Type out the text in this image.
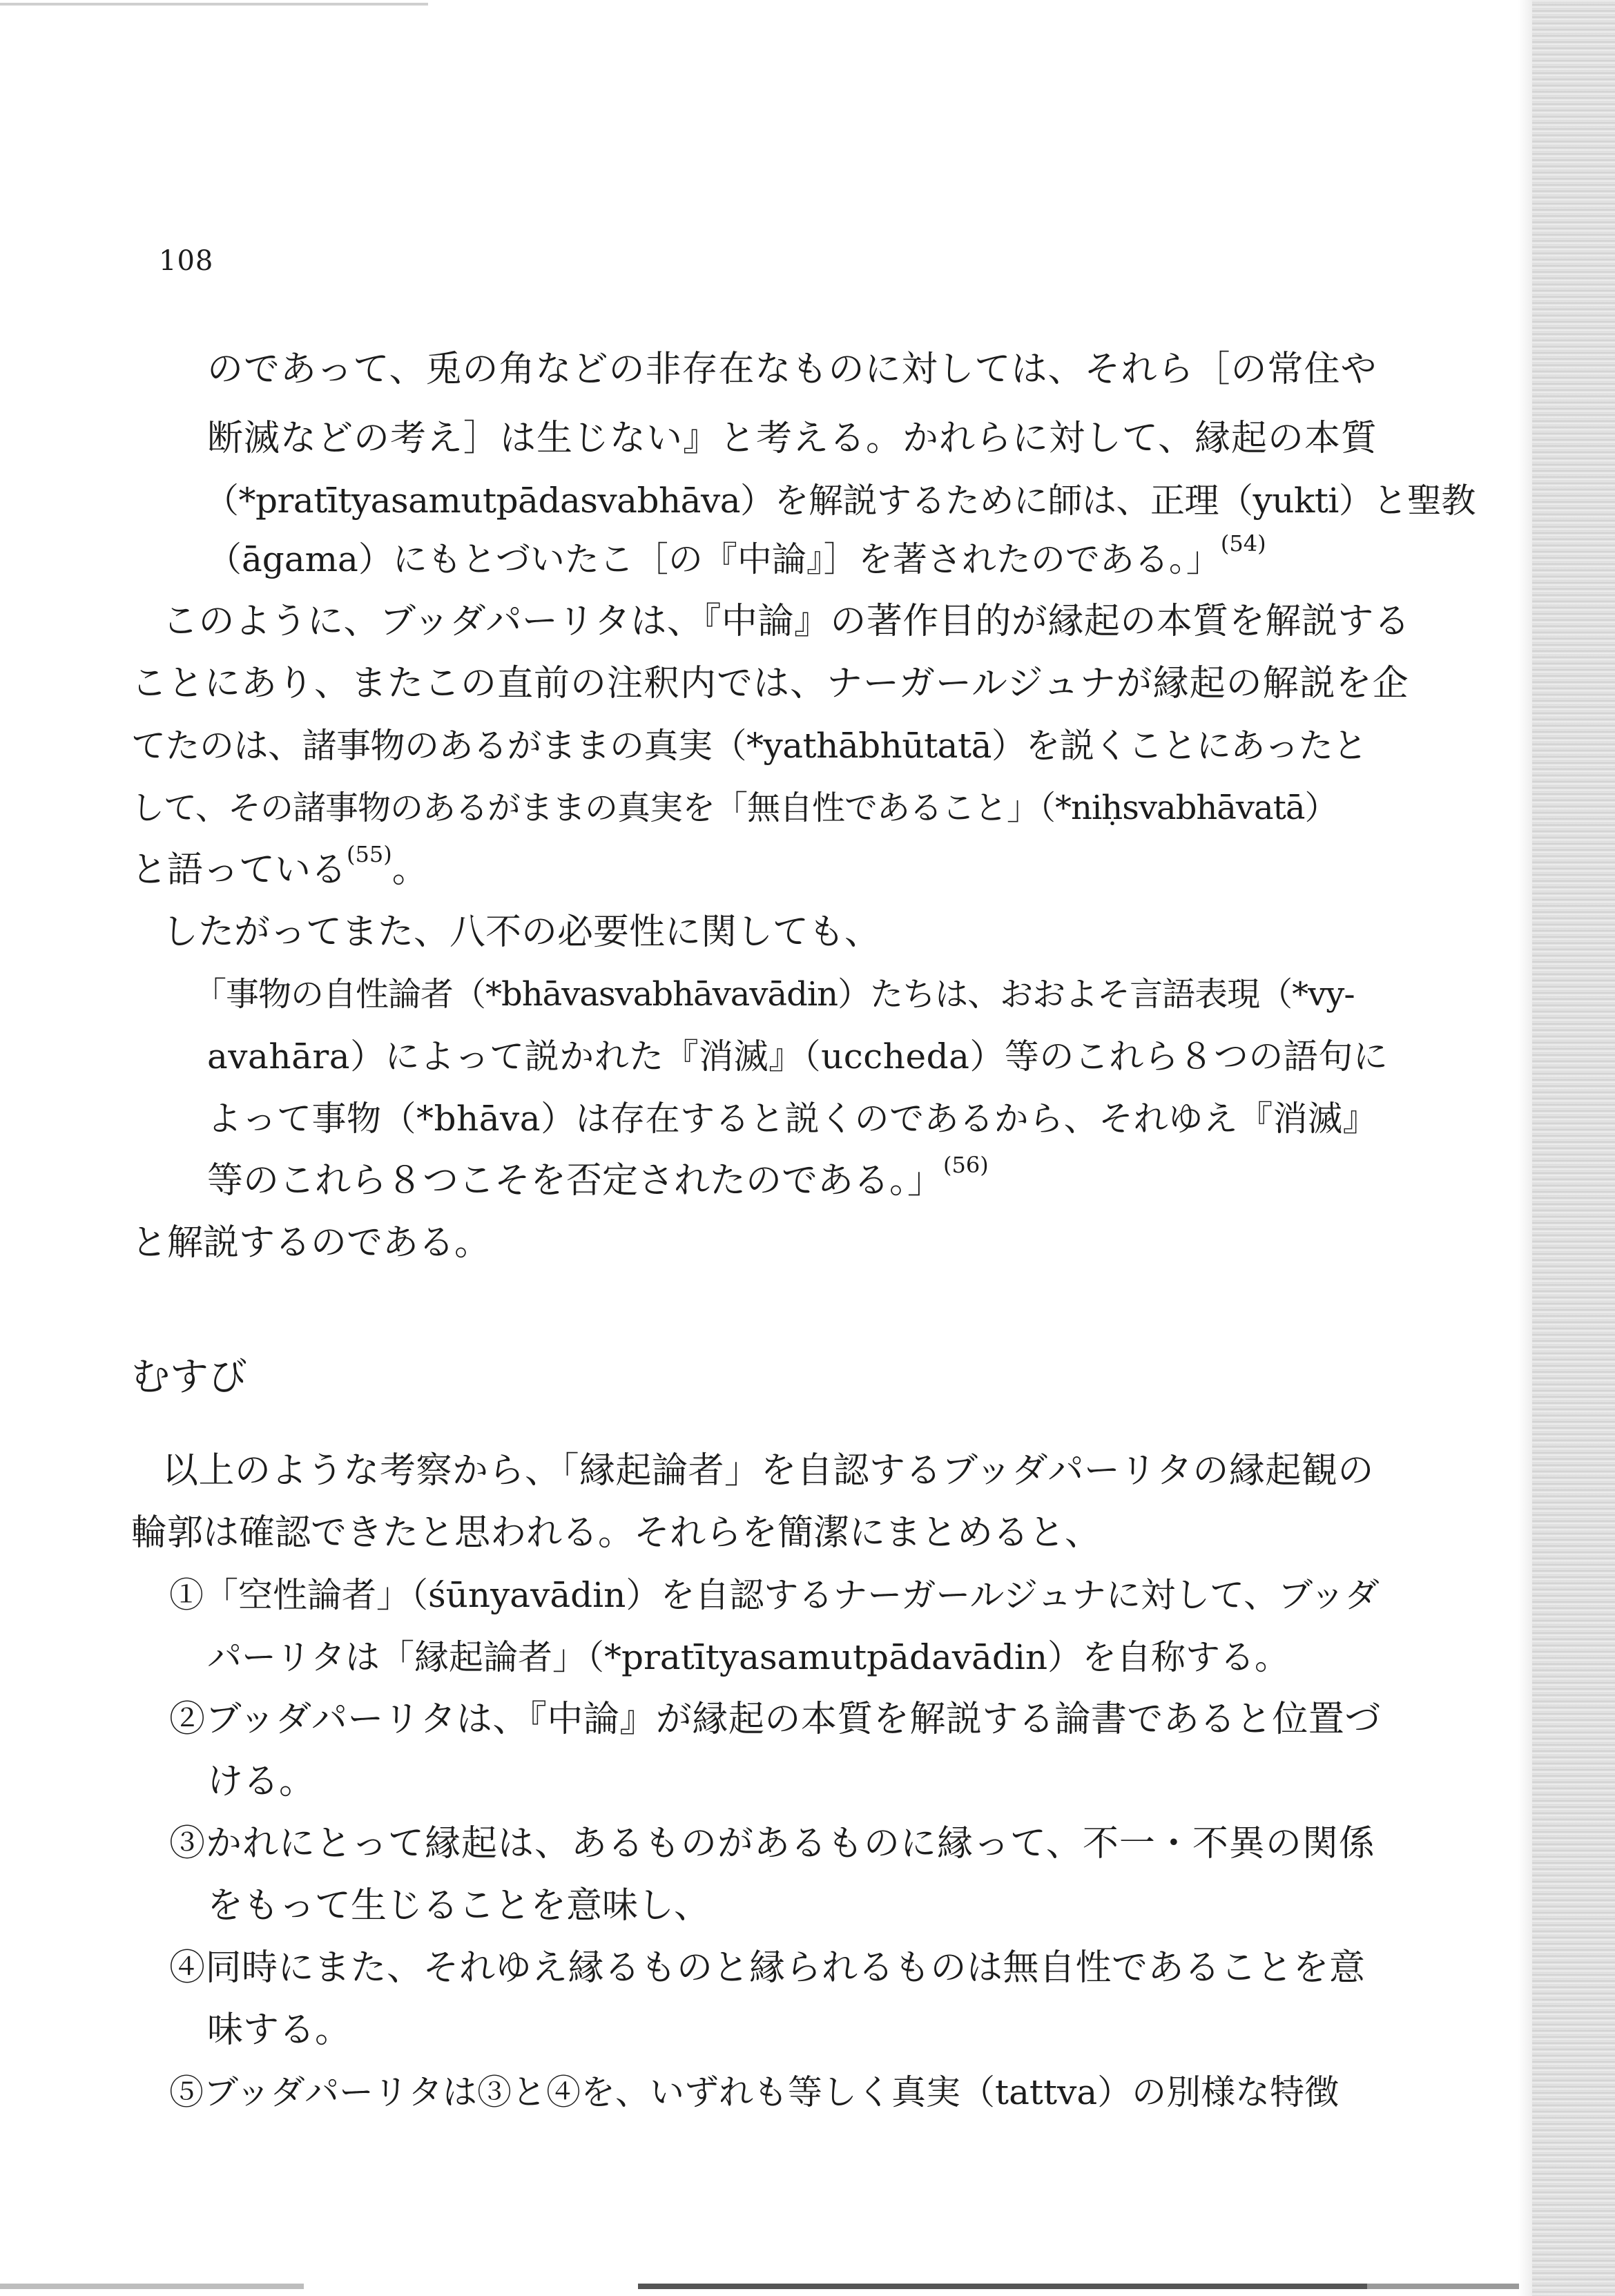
108
のであって、兎の角などの非存在なものに対しては、それら［の常住や
断滅などの考え］は生じない』と考える。かれらに対して、縁起の本質
（*pratītyasamutpādasvabhāva）を解説するために師は、正理（yukti）と聖教
（āgama）にもとづいたこ［の『中論』］を著されたのである。」$^{(54)}$
このように、ブッダパーリタは、『中論』の著作目的が縁起の本質を解説する
ことにあり、またこの直前の注釈内では、ナーガールジュナが縁起の解説を企
てたのは、諸事物のあるがままの真実（*yathābhūtatā）を説くことにあったと
して、その諸事物のあるがままの真実を「無自性であること」（*niḥsvabhāvatā）
と語っている$^{(55)}$。
したがってまた、八不の必要性に関しても、
「事物の自性論者（*bhāvasvabhāvavādin）たちは、おおよそ言語表現（*vy-
avahāra）によって説かれた『消滅』（uccheda）等のこれら８つの語句に
よって事物（*bhāva）は存在すると説くのであるから、それゆえ『消滅』
等のこれら８つこそを否定されたのである。」$^{(56)}$
と解説するのである。
むすび
以上のような考察から、「縁起論者」を自認するブッダパーリタの縁起観の
輪郭は確認できたと思われる。それらを簡潔にまとめると、
①「空性論者」（śūnyavādin）を自認するナーガールジュナに対して、ブッダ
パーリタは「縁起論者」（*pratītyasamutpādavādin）を自称する。
②ブッダパーリタは、『中論』が縁起の本質を解説する論書であると位置づ
ける。
③かれにとって縁起は、あるものがあるものに縁って、不一・不異の関係
をもって生じることを意味し、
④同時にまた、それゆえ縁るものと縁られるものは無自性であることを意
味する。
⑤ブッダパーリタは③と④を、いずれも等しく真実（tattva）の別様な特徴
